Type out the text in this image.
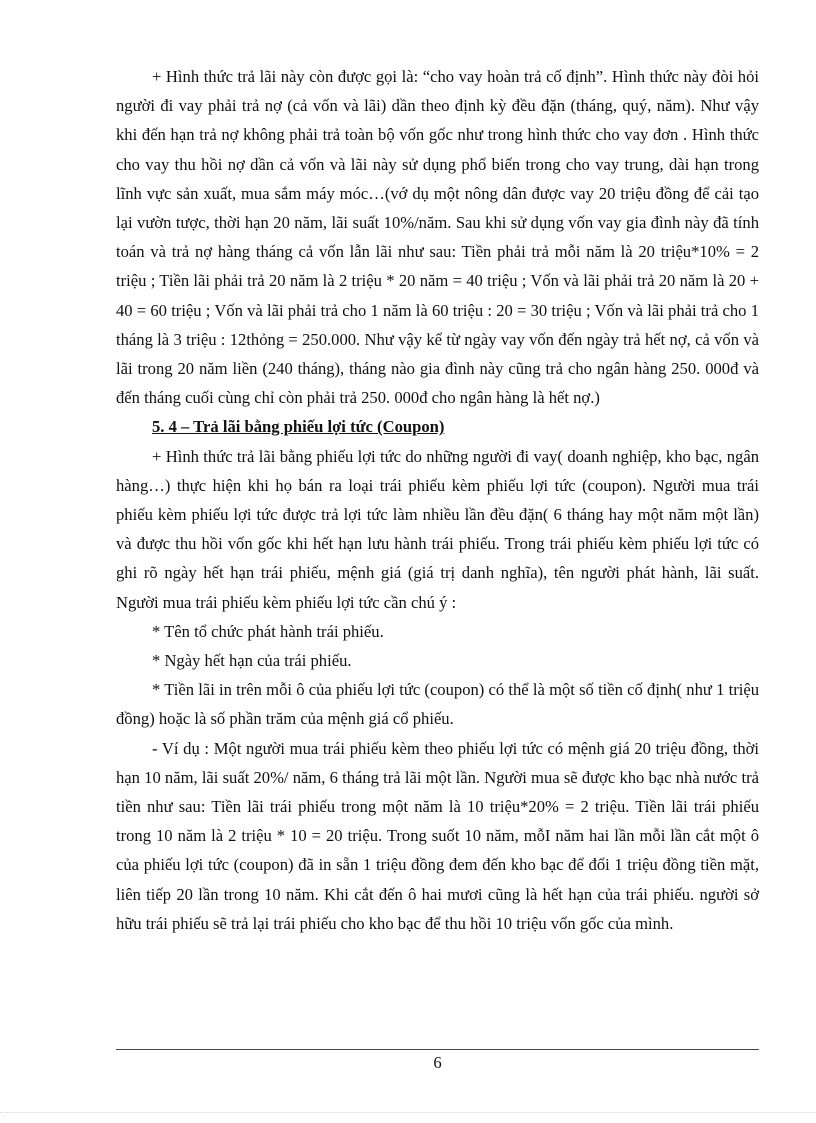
+ Hình thức trả lãi này còn được gọi là: “cho vay hoàn trả cố định”. Hình thức này đòi hỏi người đi vay phải trả nợ (cả vốn và lãi) dần theo định kỳ đều đặn (tháng, quý, năm). Như vậy khi đến hạn trả nợ không phải trả toàn bộ vốn gốc như trong hình thức cho vay đơn . Hình thức cho vay thu hồi nợ dần cả vốn và lãi này sử dụng phổ biến trong cho vay trung, dài hạn trong lĩnh vực sản xuất, mua sắm máy móc…(vớ dụ một nông dân được vay 20 triệu đồng để cải tạo lại vườn tược, thời hạn 20 năm, lãi suất 10%/năm. Sau khi sử dụng vốn vay gia đình này đã tính toán và trả nợ hàng tháng cả vốn lẫn lãi như sau: Tiền phải trả mỗi năm là 20 triệu*10% = 2 triệu ; Tiền lãi phải trả 20 năm là 2 triệu * 20 năm = 40 triệu ; Vốn và lãi phải trả 20 năm là 20 + 40 = 60 triệu ; Vốn và lãi phải trả cho 1 năm là 60 triệu : 20 = 30 triệu ; Vốn và lãi phải trả cho 1 tháng là 3 triệu : 12thỏng = 250.000. Như vậy kể từ ngày vay vốn đến ngày trả hết nợ, cả vốn và lãi trong 20 năm liền (240 tháng), tháng nào gia đình này cũng trả cho ngân hàng 250. 000đ và đến tháng cuối cùng chỉ còn phải trả 250. 000đ cho ngân hàng là hết nợ.)

5. 4 – Trả lãi bằng phiếu lợi tức (Coupon)

+ Hình thức trả lãi bằng phiếu lợi tức do những người đi vay( doanh nghiệp, kho bạc, ngân hàng…) thực hiện khi họ bán ra loại trái phiếu kèm phiếu lợi tức (coupon). Người mua trái phiếu kèm phiếu lợi tức được trả lợi tức làm nhiều lần đều đặn( 6 tháng hay một năm một lần) và được thu hồi vốn gốc khi hết hạn lưu hành trái phiếu. Trong trái phiếu kèm phiếu lợi tức có ghi rõ ngày hết hạn trái phiếu, mệnh giá (giá trị danh nghĩa), tên người phát hành, lãi suất. Người mua trái phiếu kèm phiếu lợi tức cần chú ý :

* Tên tổ chức phát hành trái phiếu.

* Ngày hết hạn của trái phiếu.

* Tiền lãi in trên mỗi ô của phiếu lợi tức (coupon) có thể là một số tiền cố định( như 1 triệu đồng) hoặc là số phần trăm của mệnh giá cổ phiếu.

- Ví dụ : Một người mua trái phiếu kèm theo phiếu lợi tức có mệnh giá 20 triệu đồng, thời hạn 10 năm, lãi suất 20%/ năm, 6 tháng trả lãi một lần. Người mua sẽ được kho bạc nhà nước trả tiền như sau: Tiền lãi trái phiếu trong một năm là 10 triệu*20% = 2 triệu. Tiền lãi trái phiếu trong 10 năm là 2 triệu * 10 = 20 triệu. Trong suốt 10 năm, mỗI năm hai lần mỗi lần cắt một ô của phiếu lợi tức (coupon) đã in sẵn 1 triệu đồng đem đến kho bạc để đổi 1 triệu đồng tiền mặt, liên tiếp 20 lần trong 10 năm. Khi cắt đến ô hai mươi cũng là hết hạn của trái phiếu. người sở hữu trái phiếu sẽ trả lại trái phiếu cho kho bạc để thu hồi 10 triệu vốn gốc của mình.

6
